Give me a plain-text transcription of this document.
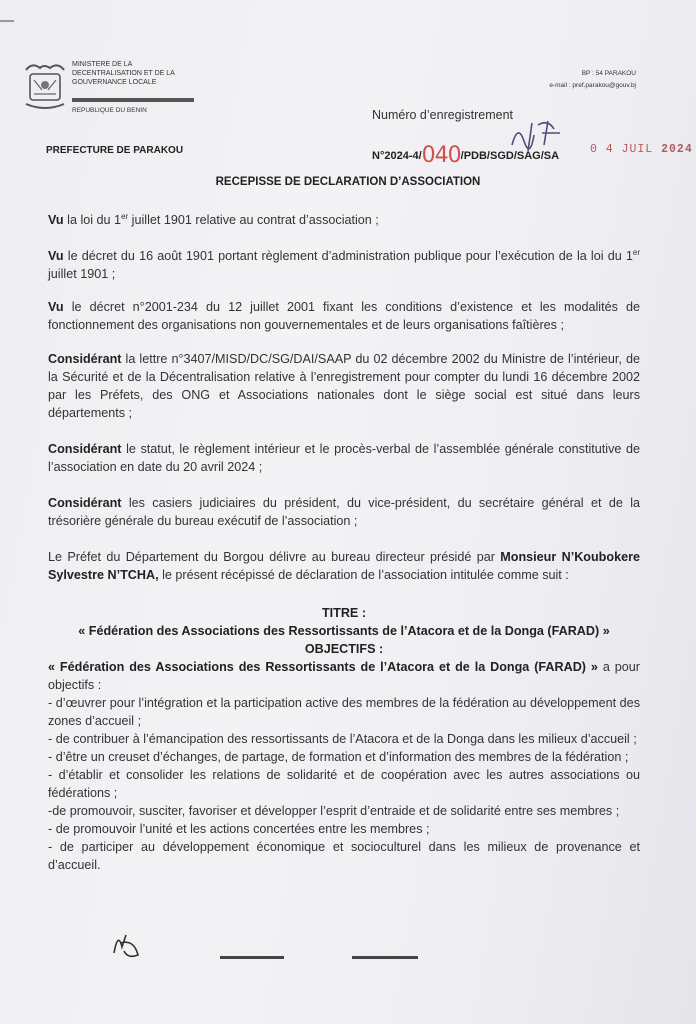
MINISTERE DE LA
DECENTRALISATION ET DE LA
GOUVERNANCE LOCALE
REPUBLIQUE DU BENIN
BP : 54 PARAKOU
e-mail : pref.parakou@gouv.bj
Numéro d’enregistrement
PREFECTURE DE PARAKOU	N°2024-4/040/PDB/SGD/SAG/SA	0 4 JUIL 2024
RECEPISSE DE DECLARATION D’ASSOCIATION
Vu la loi du 1er juillet 1901 relative au contrat d’association ;
Vu le décret du 16 août 1901 portant règlement d’administration publique pour l’exécution de la loi du 1er juillet 1901 ;
Vu le décret n°2001-234 du 12 juillet 2001 fixant les conditions d’existence et les modalités de fonctionnement des organisations non gouvernementales et de leurs organisations faîtières ;
Considérant la lettre n°3407/MISD/DC/SG/DAI/SAAP du 02 décembre 2002 du Ministre de l’intérieur, de la Sécurité et de la Décentralisation relative à l’enregistrement pour compter du lundi 16 décembre 2002 par les Préfets, des ONG et Associations nationales dont le siège social est situé dans leurs départements ;
Considérant le statut, le règlement intérieur et le procès-verbal de l’assemblée générale constitutive de l’association en date du 20 avril 2024 ;
Considérant les casiers judiciaires du président, du vice-président, du secrétaire général et de la trésorière générale du bureau exécutif de l’association ;
Le Préfet du Département du Borgou délivre au bureau directeur présidé par Monsieur N’Koubokere Sylvestre N’TCHA, le présent récépissé de déclaration de l’association intitulée comme suit :
TITRE :
« Fédération des Associations des Ressortissants de l’Atacora et de la Donga (FARAD) »
OBJECTIFS :
« Fédération des Associations des Ressortissants de l’Atacora et de la Donga (FARAD) » a pour objectifs :
- d’œuvrer pour l’intégration et la participation active des membres de la fédération au développement des zones d’accueil ;
- de contribuer à l’émancipation des ressortissants de l’Atacora et de la Donga dans les milieux d’accueil ;
- d’être un creuset d’échanges, de partage, de formation et d’information des membres de la fédération ;
- d’établir et consolider les relations de solidarité et de coopération avec les autres associations ou fédérations ;
-de promouvoir, susciter, favoriser et développer l’esprit d’entraide et de solidarité entre ses membres ;
- de promouvoir l’unité et les actions concertées entre les membres ;
- de participer au développement économique et socioculturel dans les milieux de provenance et d’accueil.
